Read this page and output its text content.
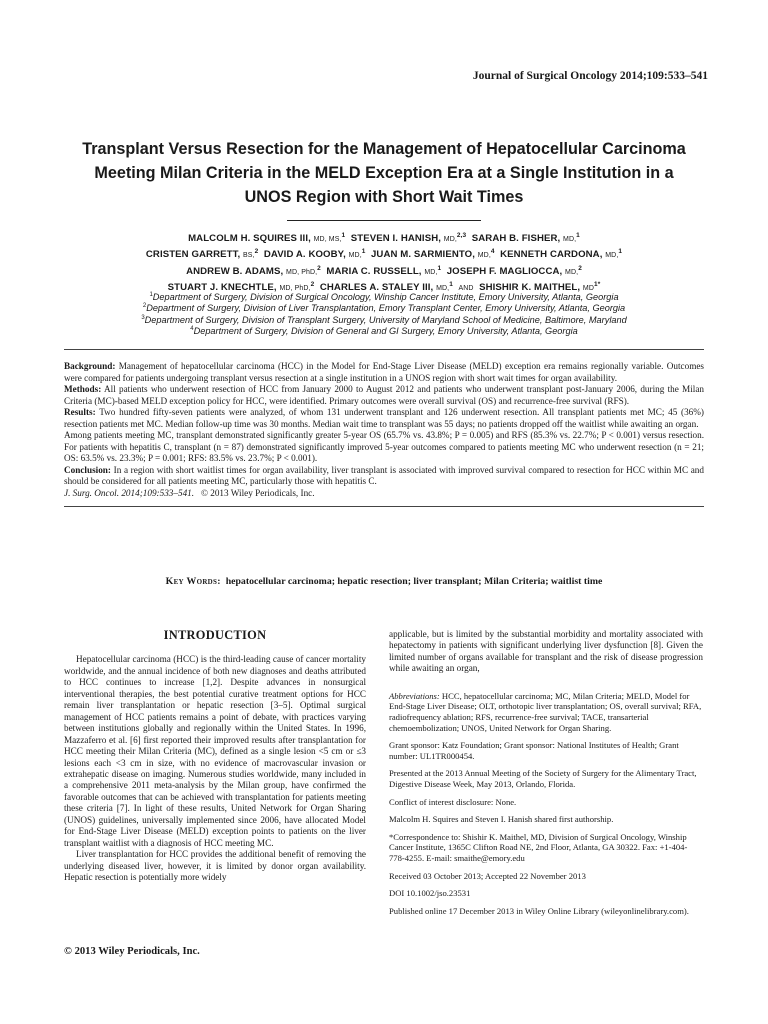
Journal of Surgical Oncology 2014;109:533–541
Transplant Versus Resection for the Management of Hepatocellular Carcinoma
Meeting Milan Criteria in the MELD Exception Era at a Single Institution in a
UNOS Region with Short Wait Times
MALCOLM H. SQUIRES III, MD, MS,$^1$ STEVEN I. HANISH, MD,$^{2,3}$ SARAH B. FISHER, MD,$^1$
CRISTEN GARRETT, BS,$^2$ DAVID A. KOOBY, MD,$^1$ JUAN M. SARMIENTO, MD,$^4$ KENNETH CARDONA, MD,$^1$
ANDREW B. ADAMS, MD, PhD,$^2$ MARIA C. RUSSELL, MD,$^1$ JOSEPH F. MAGLIOCCA, MD,$^2$
STUART J. KNECHTLE, MD, PhD,$^2$ CHARLES A. STALEY III, MD,$^1$  AND SHISHIR K. MAITHEL, $MD^{1*}$
$^1$Department of Surgery, Division of Surgical Oncology, Winship Cancer Institute, Emory University, Atlanta, Georgia
$^2$Department of Surgery, Division of Liver Transplantation, Emory Transplant Center, Emory University, Atlanta, Georgia
$^3$Department of Surgery, Division of Transplant Surgery, University of Maryland School of Medicine, Baltimore, Maryland
$^4$Department of Surgery, Division of General and GI Surgery, Emory University, Atlanta, Georgia

Background: Management of hepatocellular carcinoma (HCC) in the Model for End-Stage Liver Disease (MELD) exception era remains regionally variable. Outcomes were compared for patients undergoing transplant versus resection at a single institution in a UNOS region with short wait times for organ availability.

Methods: All patients who underwent resection of HCC from January 2000 to August 2012 and patients who underwent transplant post-January 2006, during the Milan Criteria (MC)-based MELD exception policy for HCC, were identified. Primary outcomes were overall survival (OS) and recurrence-free survival (RFS).

Results: Two hundred fifty-seven patients were analyzed, of whom 131 underwent transplant and 126 underwent resection. All transplant patients met MC; 45 (36%) resection patients met MC. Median follow-up time was 30 months. Median wait time to transplant was 55 days; no patients dropped off the waitlist while awaiting an organ.

Among patients meeting MC, transplant demonstrated significantly greater 5-year OS (65.7% vs. 43.8%; P = 0.005) and RFS (85.3% vs. 22.7%; P < 0.001) versus resection. For patients with hepatitis C, transplant (n = 87) demonstrated significantly improved 5-year outcomes compared to patients meeting MC who underwent resection (n = 21; OS: 63.5% vs. 23.3%; P = 0.001; RFS: 83.5% vs. 23.7%; P < 0.001).

Conclusion: In a region with short waitlist times for organ availability, liver transplant is associated with improved survival compared to resection for HCC within MC and should be considered for all patients meeting MC, particularly those with hepatitis C.

J. Surg. Oncol. 2014;109:533–541. © 2013 Wiley Periodicals, Inc.

Key Words: hepatocellular carcinoma; hepatic resection; liver transplant; Milan Criteria; waitlist time
INTRODUCTION

Hepatocellular carcinoma (HCC) is the third-leading cause of cancer mortality worldwide, and the annual incidence of both new diagnoses and deaths attributed to HCC continues to increase [1,2]. Despite advances in nonsurgical interventional therapies, the best potential curative treatment options for HCC remain liver transplantation or hepatic resection [3–5]. Optimal surgical management of HCC patients remains a point of debate, with practices varying between institutions globally and regionally within the United States. In 1996, Mazzaferro et al. [6] first reported their improved results after transplantation for HCC meeting their Milan Criteria (MC), defined as a single lesion <5 cm or ≤3 lesions each <3 cm in size, with no evidence of macrovascular invasion or extrahepatic disease on imaging. Numerous studies worldwide, many included in a comprehensive 2011 meta-analysis by the Milan group, have confirmed the favorable outcomes that can be achieved with transplantation for patients meeting these criteria [7]. In light of these results, United Network for Organ Sharing (UNOS) guidelines, universally implemented since 2006, have allocated Model for End-Stage Liver Disease (MELD) exception points to patients on the liver transplant waitlist with a diagnosis of HCC meeting MC.

Liver transplantation for HCC provides the additional benefit of removing the underlying diseased liver, however, it is limited by donor organ availability. Hepatic resection is potentially more widely

© 2013 Wiley Periodicals, Inc.

applicable, but is limited by the substantial morbidity and mortality associated with hepatectomy in patients with significant underlying liver dysfunction [8]. Given the limited number of organs available for transplant and the risk of disease progression while awaiting an organ,

Abbreviations: HCC, hepatocellular carcinoma; MC, Milan Criteria; MELD, Model for End-Stage Liver Disease; OLT, orthotopic liver transplantation; OS, overall survival; RFA, radiofrequency ablation; RFS, recurrence-free survival; TACE, transarterial chemoembolization; UNOS, United Network for Organ Sharing.

Grant sponsor: Katz Foundation; Grant sponsor: National Institutes of Health; Grant number: UL1TR000454.

Presented at the 2013 Annual Meeting of the Society of Surgery for the Alimentary Tract, Digestive Disease Week, May 2013, Orlando, Florida.

Conflict of interest disclosure: None.

Malcolm H. Squires and Steven I. Hanish shared first authorship.

*Correspondence to: Shishir K. Maithel, MD, Division of Surgical Oncology, Winship Cancer Institute, 1365C Clifton Road NE, 2nd Floor, Atlanta, GA 30322. Fax: +1-404-778-4255. E-mail: smaithe@emory.edu

Received 03 October 2013; Accepted 22 November 2013

DOI 10.1002/jso.23531

Published online 17 December 2013 in Wiley Online Library (wileyonlinelibrary.com).
